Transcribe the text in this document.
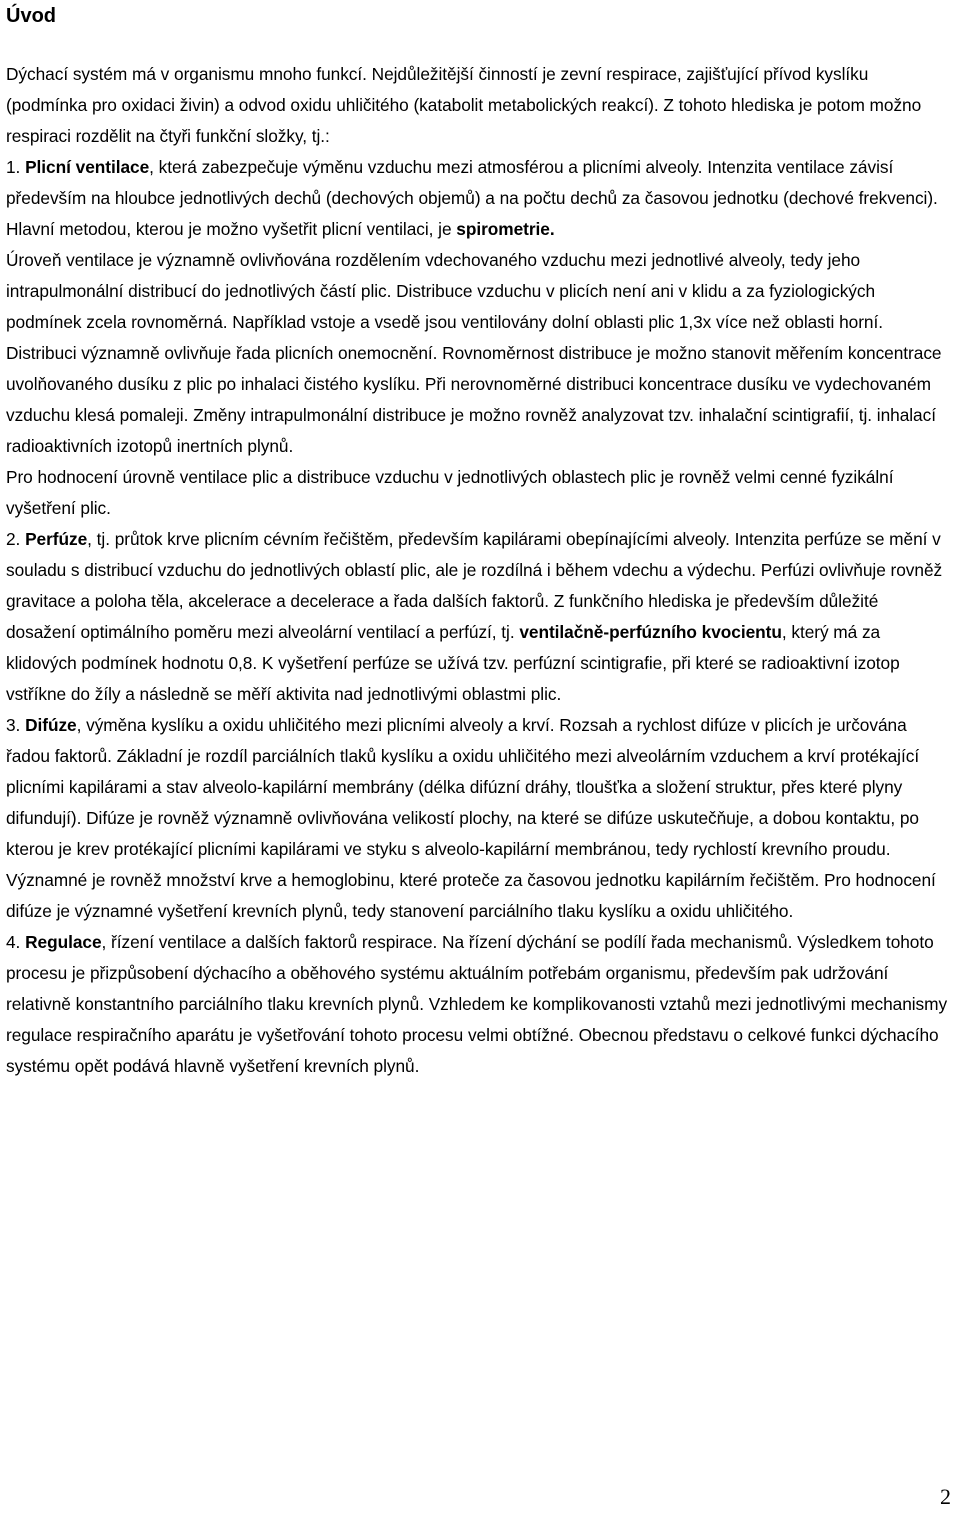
Úvod

Dýchací systém má v organismu mnoho funkcí. Nejdůležitější činností je zevní respirace, zajišťující přívod kyslíku (podmínka pro oxidaci živin) a odvod oxidu uhličitého (katabolit metabolických reakcí). Z tohoto hlediska je potom možno respiraci rozdělit na čtyři funkční složky, tj.:

1. Plicní ventilace, která zabezpečuje výměnu vzduchu mezi atmosférou a plicními alveoly. Intenzita ventilace závisí především na hloubce jednotlivých dechů (dechových objemů) a na počtu dechů za časovou jednotku (dechové frekvenci). Hlavní metodou, kterou je možno vyšetřit plicní ventilaci, je spirometrie.

Úroveň ventilace je významně ovlivňována rozdělením vdechovaného vzduchu mezi jednotlivé alveoly, tedy jeho intrapulmonální distribucí do jednotlivých částí plic. Distribuce vzduchu v plicích není ani v klidu a za fyziologických podmínek zcela rovnoměrná. Například vstoje a vsedě jsou ventilovány dolní oblasti plic 1,3x více než oblasti horní. Distribuci významně ovlivňuje řada plicních onemocnění. Rovnoměrnost distribuce je možno stanovit měřením koncentrace uvolňovaného dusíku z plic po inhalaci čistého kyslíku. Při nerovnoměrné distribuci koncentrace dusíku ve vydechovaném vzduchu klesá pomaleji. Změny intrapulmonální distribuce je možno rovněž analyzovat tzv. inhalační scintigrafií, tj. inhalací radioaktivních izotopů inertních plynů.

Pro hodnocení úrovně ventilace plic a distribuce vzduchu v jednotlivých oblastech plic je rovněž velmi cenné fyzikální vyšetření plic.

2. Perfúze, tj. průtok krve plicním cévním řečištěm, především kapilárami obepínajícími alveoly. Intenzita perfúze se mění v souladu s distribucí vzduchu do jednotlivých oblastí plic, ale je rozdílná i během vdechu a výdechu. Perfúzi ovlivňuje rovněž gravitace a poloha těla, akcelerace a decelerace a řada dalších faktorů. Z funkčního hlediska je především důležité dosažení optimálního poměru mezi alveolární ventilací a perfúzí, tj. ventilačně-perfúzního kvocientu, který má za klidových podmínek hodnotu 0,8. K vyšetření perfúze se užívá tzv. perfúzní scintigrafie, při které se radioaktivní izotop vstříkne do žíly a následně se měří aktivita nad jednotlivými oblastmi plic.

3. Difúze, výměna kyslíku a oxidu uhličitého mezi plicními alveoly a krví. Rozsah a rychlost difúze v plicích je určována řadou faktorů. Základní je rozdíl parciálních tlaků kyslíku a oxidu uhličitého mezi alveolárním vzduchem a krví protékající plicními kapilárami a stav alveolo-kapilární membrány (délka difúzní dráhy, tloušťka a složení struktur, přes které plyny difundují). Difúze je rovněž významně ovlivňována velikostí plochy, na které se difúze uskutečňuje, a dobou kontaktu, po kterou je krev protékající plicními kapilárami ve styku s alveolo-kapilární membránou, tedy rychlostí krevního proudu. Významné je rovněž množství krve a hemoglobinu, které proteče za časovou jednotku kapilárním řečištěm. Pro hodnocení difúze je významné vyšetření krevních plynů, tedy stanovení parciálního tlaku kyslíku a oxidu uhličitého.

4. Regulace, řízení ventilace a dalších faktorů respirace. Na řízení dýchání se podílí řada mechanismů. Výsledkem tohoto procesu je přizpůsobení dýchacího a oběhového systému aktuálním potřebám organismu, především pak udržování relativně konstantního parciálního tlaku krevních plynů. Vzhledem ke komplikovanosti vztahů mezi jednotlivými mechanismy regulace respiračního aparátu je vyšetřování tohoto procesu velmi obtížné. Obecnou představu o celkové funkci dýchacího systému opět podává hlavně vyšetření krevních plynů.

2
